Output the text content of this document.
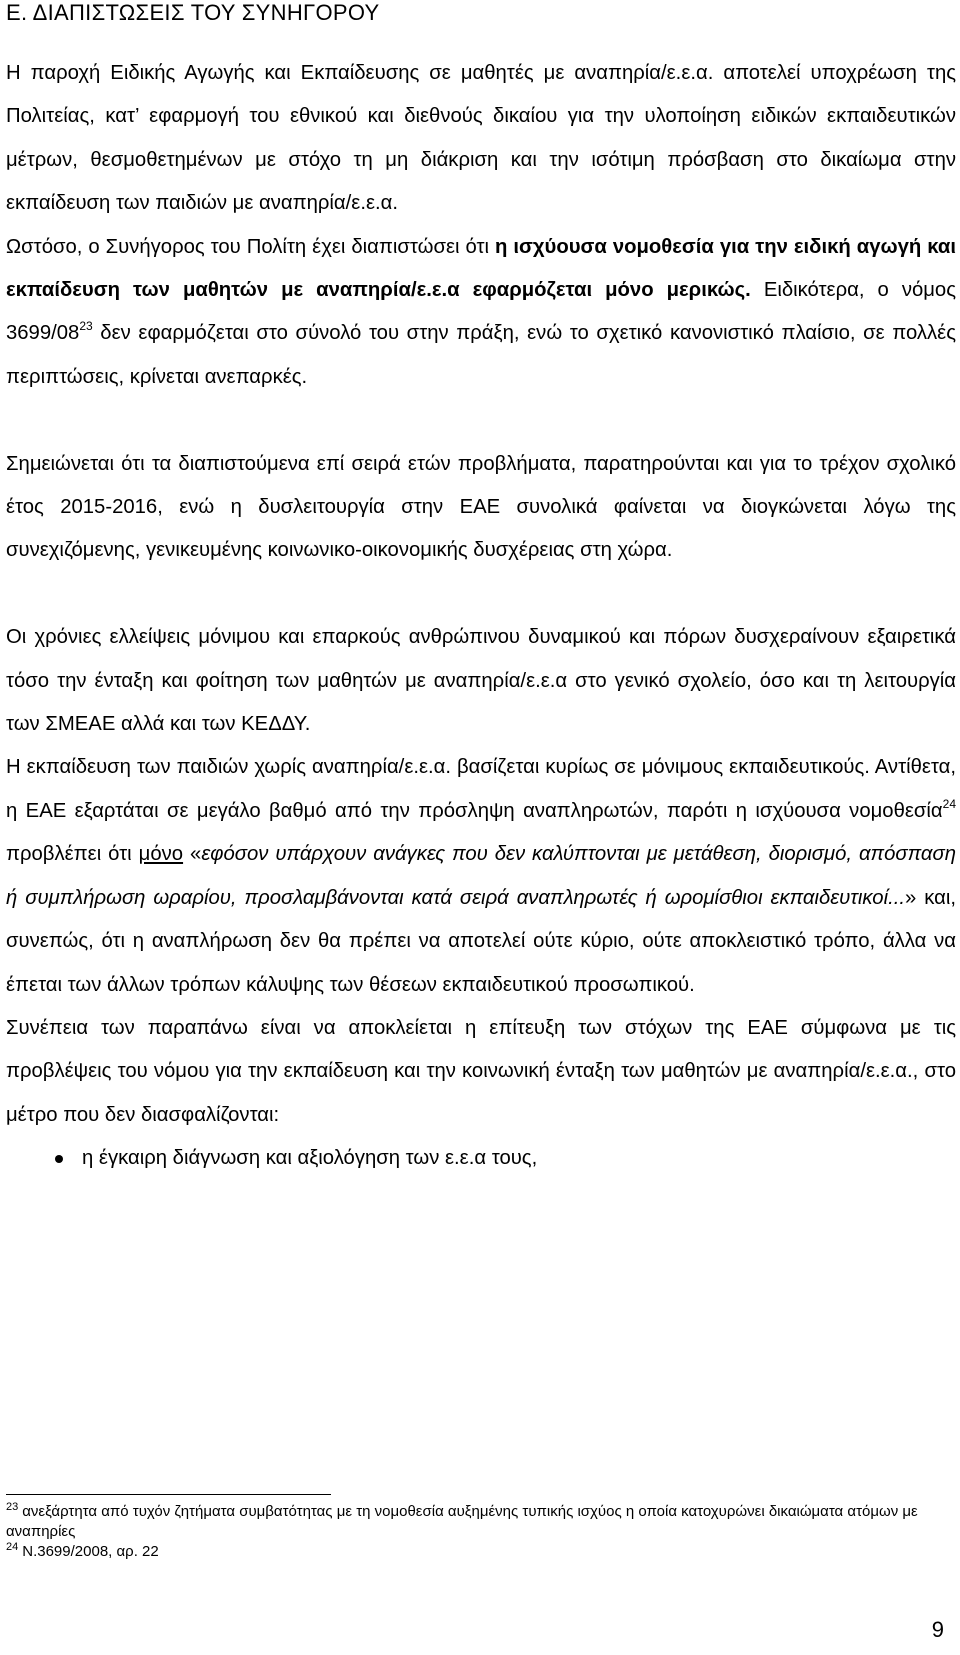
Ε. ΔΙΑΠΙΣΤΩΣΕΙΣ ΤΟΥ ΣΥΝΗΓΟΡΟΥ

Η παροχή Ειδικής Αγωγής και Εκπαίδευσης σε μαθητές με αναπηρία/ε.ε.α. αποτελεί υποχρέωση της Πολιτείας, κατ’ εφαρμογή του εθνικού και διεθνούς δικαίου για την υλοποίηση ειδικών εκπαιδευτικών μέτρων, θεσμοθετημένων με στόχο τη μη διάκριση και την ισότιμη πρόσβαση στο δικαίωμα στην εκπαίδευση των παιδιών με αναπηρία/ε.ε.α.

Ωστόσο, ο Συνήγορος του Πολίτη έχει διαπιστώσει ότι η ισχύουσα νομοθεσία για την ειδική αγωγή και εκπαίδευση των μαθητών με αναπηρία/ε.ε.α εφαρμόζεται μόνο μερικώς. Ειδικότερα, ο νόμος $3699/08^{23}$ δεν εφαρμόζεται στο σύνολό του στην πράξη, ενώ το σχετικό κανονιστικό πλαίσιο, σε πολλές περιπτώσεις, κρίνεται ανεπαρκές.

Σημειώνεται ότι τα διαπιστούμενα επί σειρά ετών προβλήματα, παρατηρούνται και για το τρέχον σχολικό έτος 2015-2016, ενώ η δυσλειτουργία στην ΕΑΕ συνολικά φαίνεται να διογκώνεται λόγω της συνεχιζόμενης, γενικευμένης κοινωνικο-οικονομικής δυσχέρειας στη χώρα.

Οι χρόνιες ελλείψεις μόνιμου και επαρκούς ανθρώπινου δυναμικού και πόρων δυσχεραίνουν εξαιρετικά τόσο την ένταξη και φοίτηση των μαθητών με αναπηρία/ε.ε.α στο γενικό σχολείο, όσο και τη λειτουργία των ΣΜΕΑΕ αλλά και των ΚΕΔΔΥ.

Η εκπαίδευση των παιδιών χωρίς αναπηρία/ε.ε.α. βασίζεται κυρίως σε μόνιμους εκπαιδευτικούς. Αντίθετα, η ΕΑΕ εξαρτάται σε μεγάλο βαθμό από την πρόσληψη αναπληρωτών, παρότι η ισχύουσα νομοθεσία$^{24}$ προβλέπει ότι μόνο «εφόσον υπάρχουν ανάγκες που δεν καλύπτονται με μετάθεση, διορισμό, απόσπαση ή συμπλήρωση ωραρίου, προσλαμβάνονται κατά σειρά αναπληρωτές ή ωρομίσθιοι εκπαιδευτικοί...» και, συνεπώς, ότι η αναπλήρωση δεν θα πρέπει να αποτελεί ούτε κύριο, ούτε αποκλειστικό τρόπο, άλλα να έπεται των άλλων τρόπων κάλυψης των θέσεων εκπαιδευτικού προσωπικού.

Συνέπεια των παραπάνω είναι να αποκλείεται η επίτευξη των στόχων της ΕΑΕ σύμφωνα με τις προβλέψεις του νόμου για την εκπαίδευση και την κοινωνική ένταξη των μαθητών με αναπηρία/ε.ε.α., στο μέτρο που δεν διασφαλίζονται:

η έγκαιρη διάγνωση και αξιολόγηση των ε.ε.α τους,

$^{23}$ ανεξάρτητα από τυχόν ζητήματα συμβατότητας με τη νομοθεσία αυξημένης τυπικής ισχύος η οποία κατοχυρώνει δικαιώματα ατόμων με αναπηρίες

$^{24}$ Ν.3699/2008, αρ. 22

9
